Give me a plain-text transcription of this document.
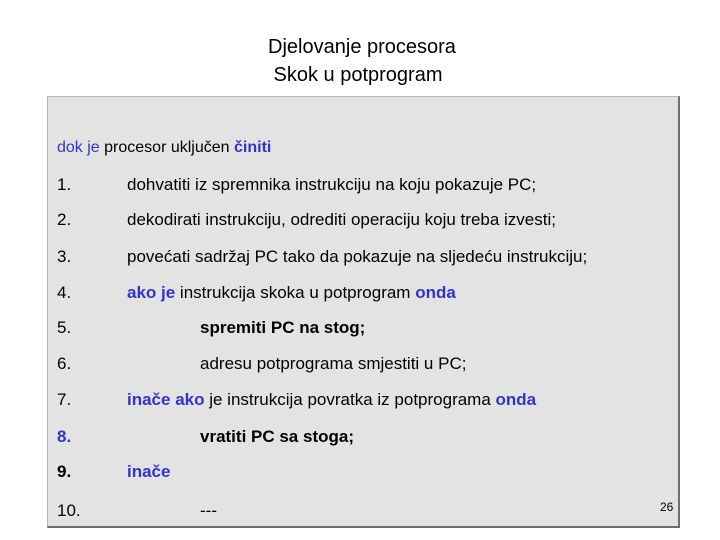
Djelovanje procesora
Skok u potprogram
dok je procesor uključen činiti
1.	dohvatiti iz spremnika instrukciju na koju pokazuje PC;
2.	dekodirati instrukciju, odrediti operaciju koju treba izvesti;
3.	povećati sadržaj PC tako da pokazuje na sljedeću instrukciju;
4.	ako je instrukcija skoka u potprogram onda
5.	spremiti PC na stog;
6.	adresu potprograma smjestiti u PC;
7.	inače ako je instrukcija povratka iz potprograma onda
8.	vratiti PC sa stoga;
9.	inače
10.	---	26
